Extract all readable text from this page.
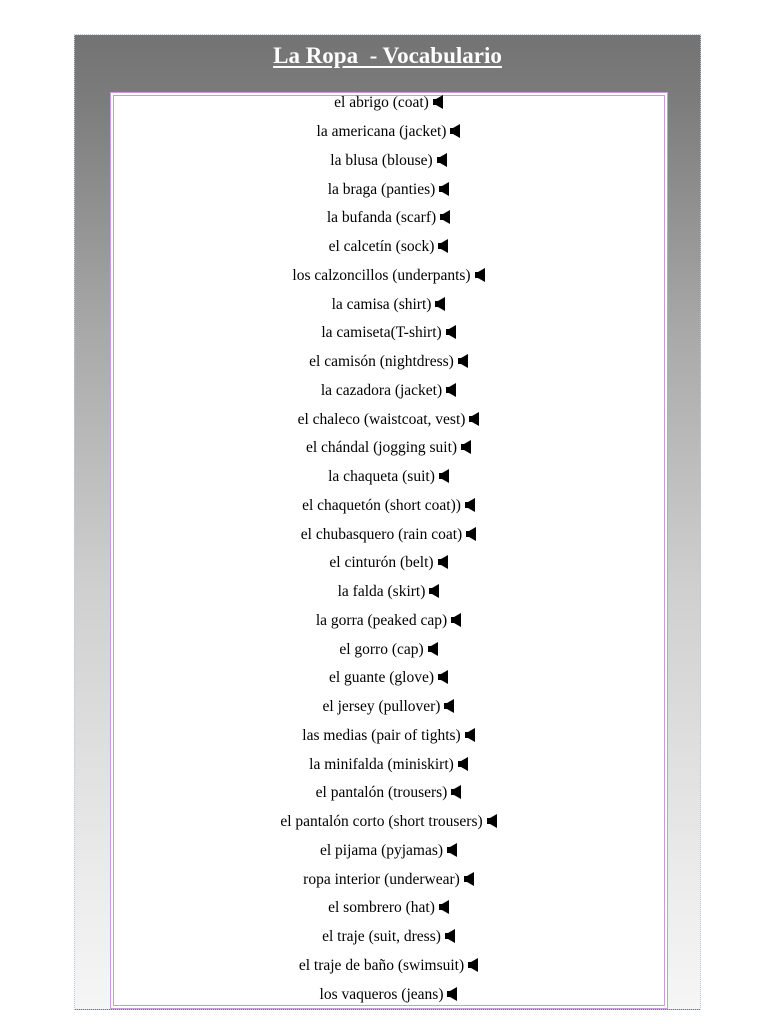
La Ropa  - Vocabulario
el abrigo (coat)
la americana (jacket)
la blusa (blouse)
la braga (panties)
la bufanda (scarf)
el calcetín (sock)
los calzoncillos (underpants)
la camisa (shirt)
la camiseta(T-shirt)
el camisón (nightdress)
la cazadora (jacket)
el chaleco (waistcoat, vest)
el chándal (jogging suit)
la chaqueta (suit)
el chaquetón (short coat))
el chubasquero (rain coat)
el cinturón (belt)
la falda (skirt)
la gorra (peaked cap)
el gorro (cap)
el guante (glove)
el jersey (pullover)
las medias (pair of tights)
la minifalda (miniskirt)
el pantalón (trousers)
el pantalón corto (short trousers)
el pijama (pyjamas)
ropa interior (underwear)
el sombrero (hat)
el traje (suit, dress)
el traje de baño (swimsuit)
los vaqueros (jeans)
